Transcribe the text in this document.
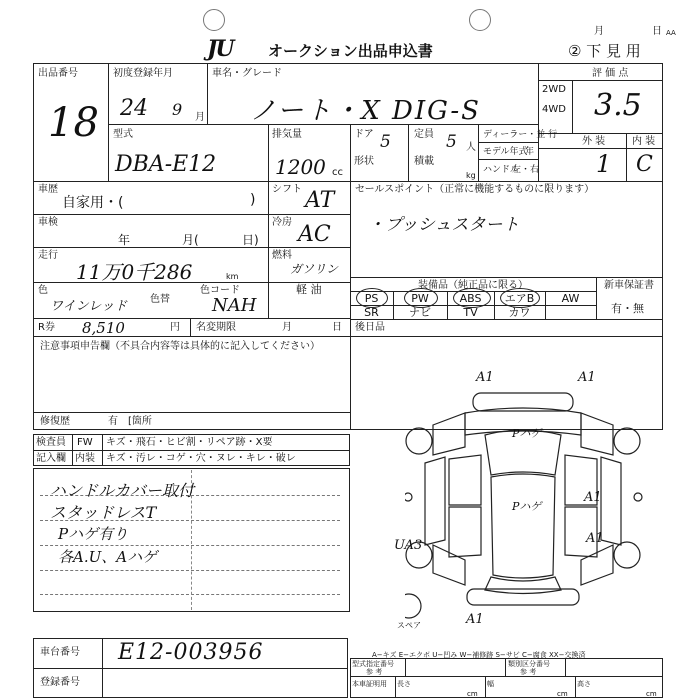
JU オークション出品申込書
月	日 AA
② 下 見 用
出品番号
18
初度登録年月
24 9 月
車名・グレード
ノート・X DIG-S
2WD
4WD
評 価 点
3.5
型式
DBA-E12
排気量
1200 cc
ドア 5
形状
定員 5 人
積載
kg
ディーラー・並 行
モデル年式
年
ハンドル
左・右
外 装	内 装
1 C
車歴
自家用・(	)
シフト AT
車検
年	月(	日)
冷房 AC
走行
11万0千286	km
燃料
ガソリン
軽 油
色
ワインレッド 色替
色コード
NAH
R券 8,510	円 名変期限	月	日
セールスポイント（正常に機能するものに限ります）
・プッシュスタート
装備品（純正品に限る）
PS	PW	ABS	エアB	AW
SR	ナビ	TV	カワ
新車保証書
有・無
後日品
注意事項申告欄（不具合内容等は具体的に記入してください）
修復歴	有 [箇所
検査員 FW キズ・飛石・ヒビ割・リペア跡・X要
記入欄 内装 キズ・汚レ・コゲ・穴・ヌレ・キレ・破レ
ハンドルカバー取付
スタッドレスT
Pハゲ有り
各A.U、Aハゲ
A1	A1
Pハゲ
Pハゲ
A1
A1
UA3
A1
スペア
A−キズ E−エクボ U−凹み W−補修跡 S−サビ C−腐食 XX−交換済
車台番号 E12-003956
登録番号
型式指定番号
参 考
類別区分番号
参 考
本車証明用 長さ
cm
幅
cm
高さ
cm
